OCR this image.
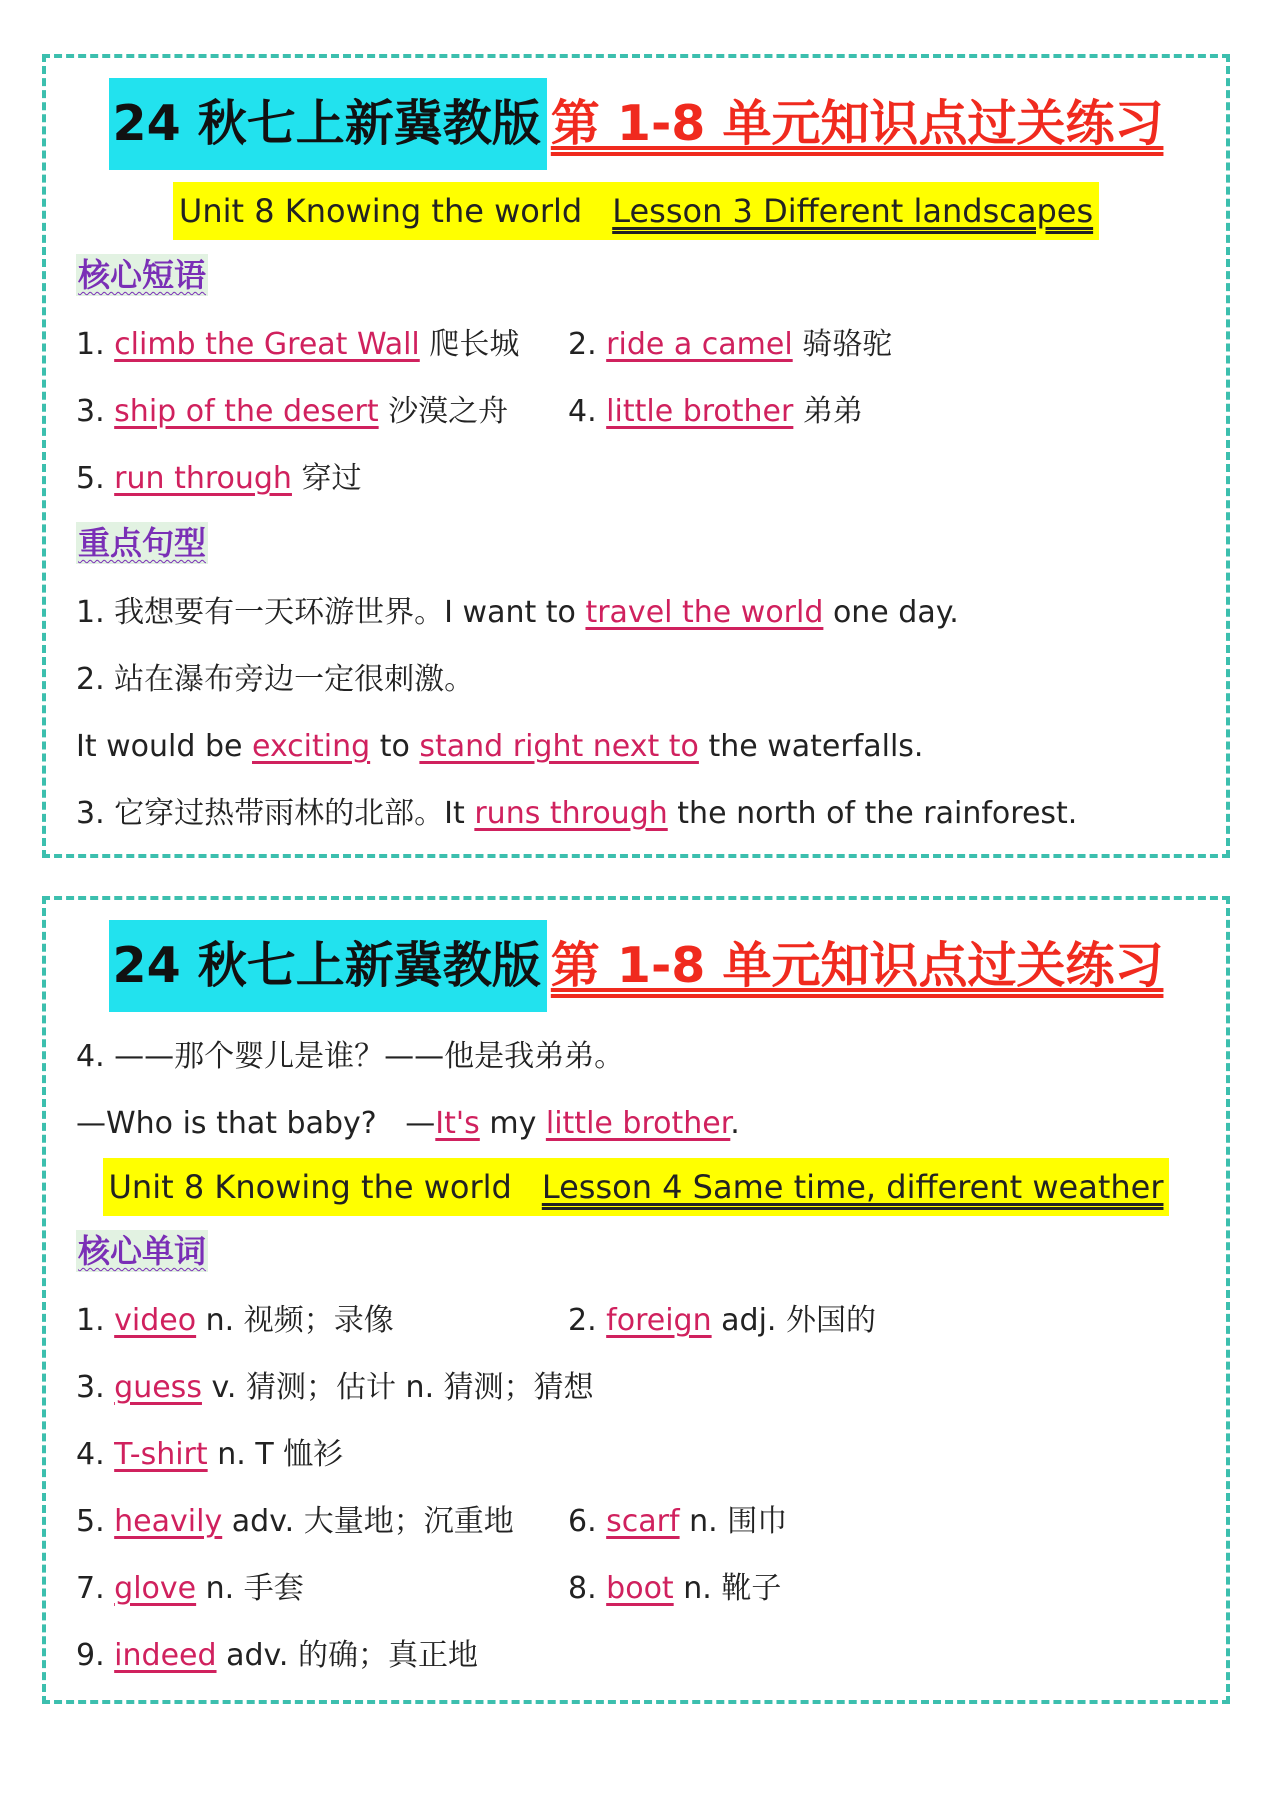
24 秋七上新冀教版 第 1-8 单元知识点过关练习
Unit 8 Knowing the world Lesson 3 Different landscapes
核心短语
1. climb the Great Wall 爬长城 2. ride a camel 骑骆驼
3. ship of the desert 沙漠之舟 4. little brother 弟弟
5. run through 穿过
重点句型
1. 我想要有一天环游世界。I want to travel the world one day.
2. 站在瀑布旁边一定很刺激。
It would be exciting to stand right next to the waterfalls.
3. 它穿过热带雨林的北部。It runs through the north of the rainforest.
24 秋七上新冀教版 第 1-8 单元知识点过关练习
4. ——那个婴儿是谁？——他是我弟弟。
—Who is that baby? —It's my little brother.
Unit 8 Knowing the world Lesson 4 Same time, different weather
核心单词
1. video n. 视频；录像	2. foreign adj. 外国的
3. guess v. 猜测；估计 n. 猜测；猜想
4. T-shirt n. T 恤衫
5. heavily adv. 大量地；沉重地 6. scarf n. 围巾
7. glove n. 手套	8. boot n. 靴子
9. indeed adv. 的确；真正地
